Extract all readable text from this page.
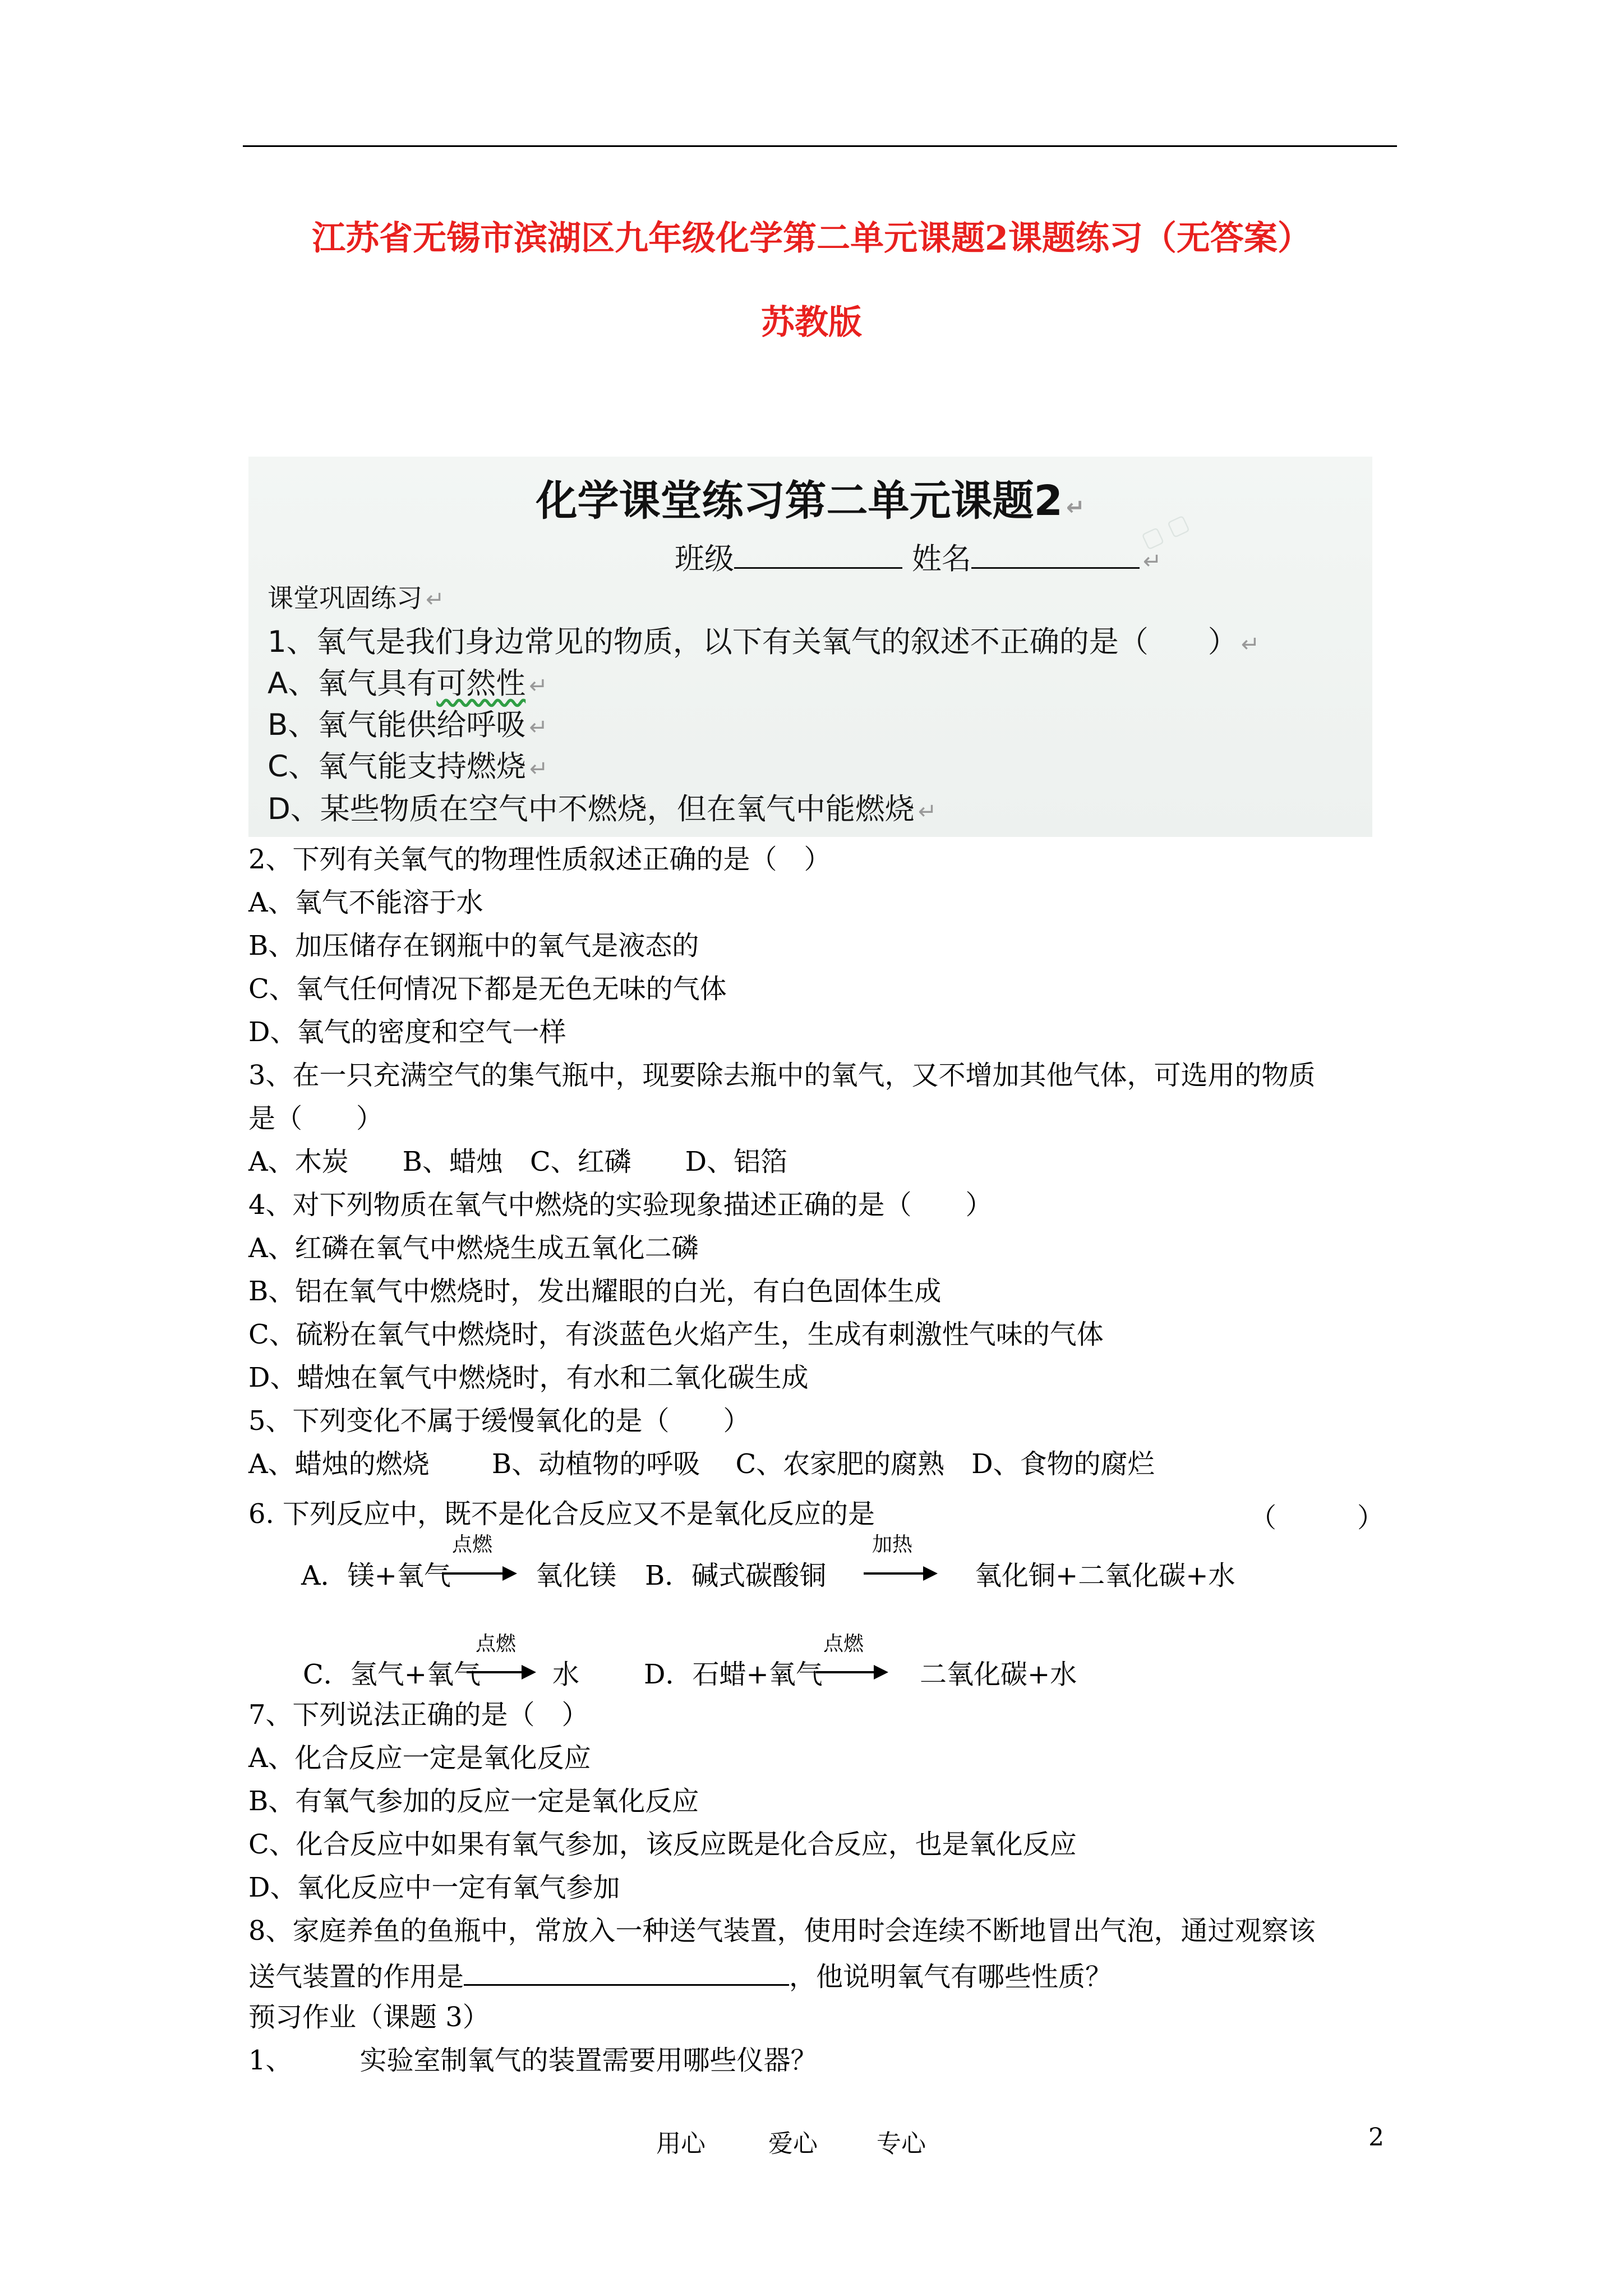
江苏省无锡市滨湖区九年级化学第二单元课题2课题练习（无答案）
苏教版
▢ ▢
化学课堂练习第二单元课题2 ↵
班级	姓名	↵
课堂巩固练习 ↵
1、氧气是我们身边常见的物质，以下有关氧气的叙述不正确的是（　　） ↵
A、氧气具有可然性 ↵
B、氧气能供给呼吸 ↵
C、氧气能支持燃烧 ↵
D、某些物质在空气中不燃烧，但在氧气中能燃烧 ↵
2、下列有关氧气的物理性质叙述正确的是（　）
A、氧气不能溶于水
B、加压储存在钢瓶中的氧气是液态的
C、氧气任何情况下都是无色无味的气体
D、氧气的密度和空气一样
3、在一只充满空气的集气瓶中，现要除去瓶中的氧气，又不增加其他气体，可选用的物质
是（　　）
A、木炭　　B、蜡烛　C、红磷　　D、铝箔
4、对下列物质在氧气中燃烧的实验现象描述正确的是（　　）
A、红磷在氧气中燃烧生成五氧化二磷
B、铝在氧气中燃烧时，发出耀眼的白光，有白色固体生成
C、硫粉在氧气中燃烧时，有淡蓝色火焰产生，生成有刺激性气味的气体
D、蜡烛在氧气中燃烧时，有水和二氧化碳生成
5、下列变化不属于缓慢氧化的是（　　）
A、蜡烛的燃烧　　 B、动植物的呼吸　 C、农家肥的腐熟　D、食物的腐烂
6. 下列反应中，既不是化合反应又不是氧化反应的是	（　　　）
A．镁+氧气
点燃
氧化镁 B．碱式碳酸铜
加热
氧化铜+二氧化碳+水
C．氢气+氧气
点燃
水 D．石蜡+氧气
点燃
二氧化碳+水
7、下列说法正确的是（　）
A、化合反应一定是氧化反应
B、有氧气参加的反应一定是氧化反应
C、化合反应中如果有氧气参加，该反应既是化合反应，也是氧化反应
D、氧化反应中一定有氧气参加
8、家庭养鱼的鱼瓶中，常放入一种送气装置，使用时会连续不断地冒出气泡，通过观察该
送气装置的作用是	，他说明氧气有哪些性质？
预习作业（课题 3）
1、	实验室制氧气的装置需要用哪些仪器？
用心	爱心 专心	2
